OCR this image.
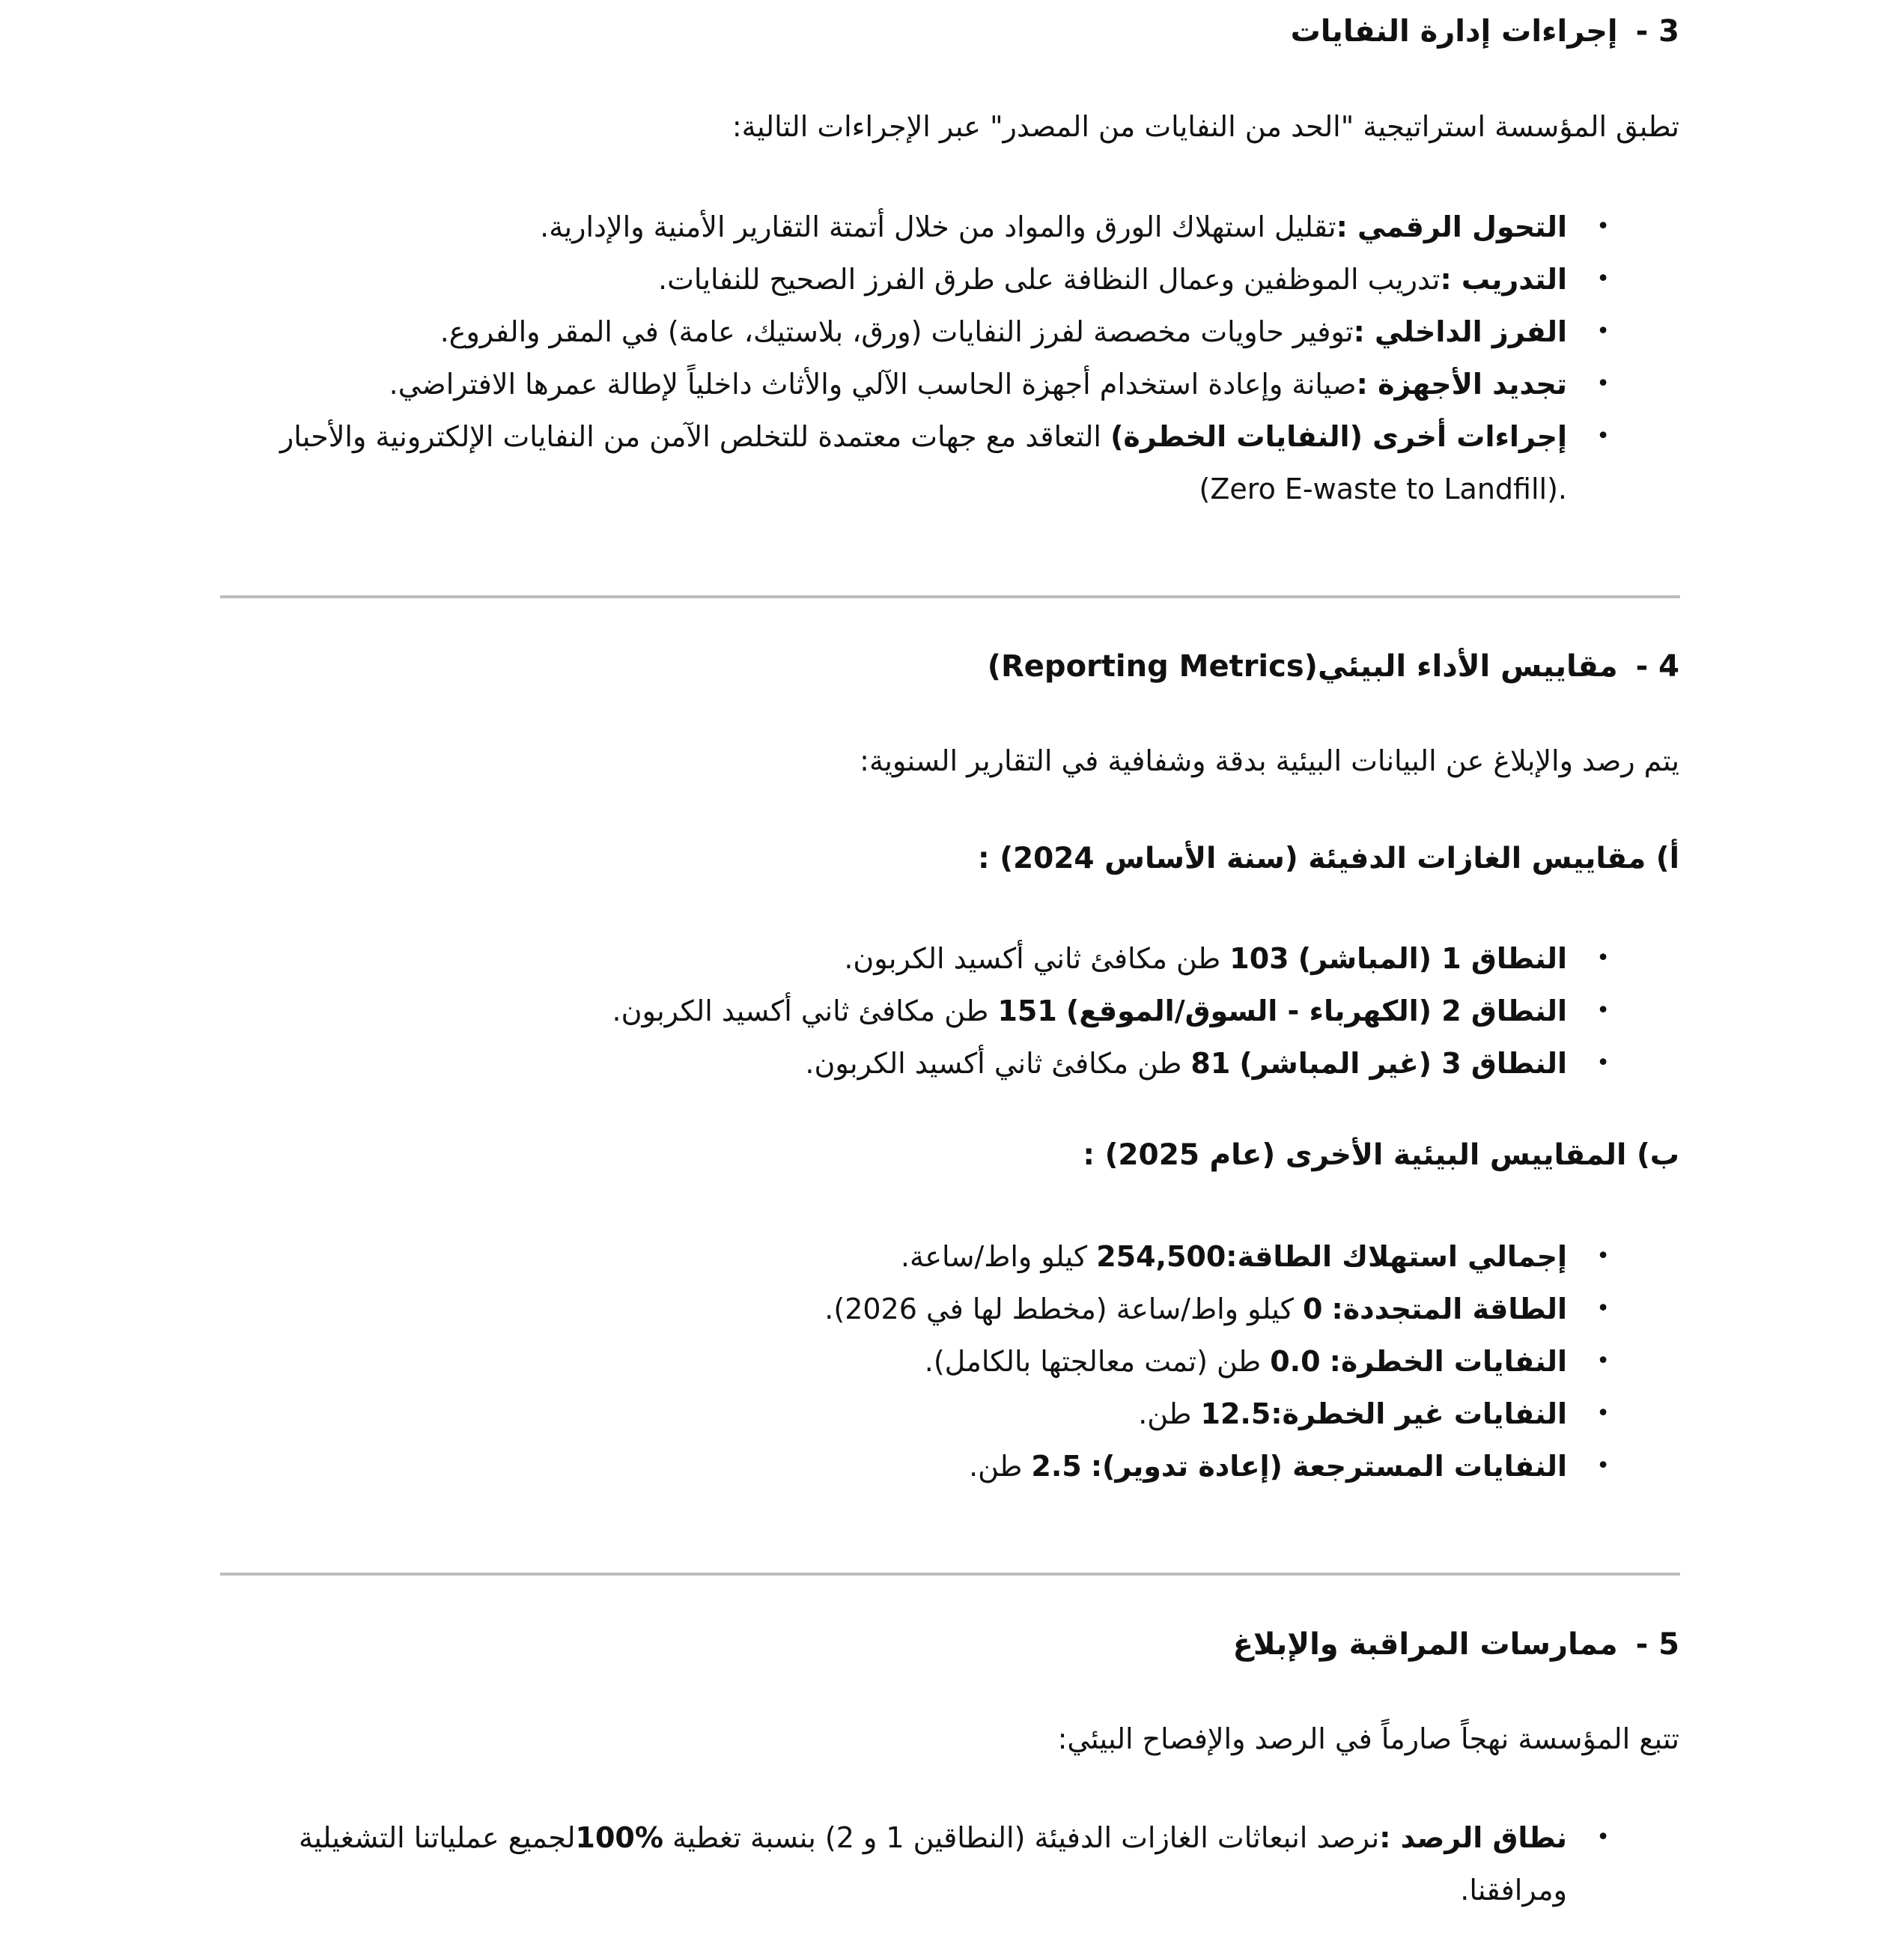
3 -إجراءات إدارة النفايات

تطبق المؤسسة استراتيجية "الحد من النفايات من المصدر" عبر الإجراءات التالية:

•
التحول الرقمي :تقليل استهلاك الورق والمواد من خلال أتمتة التقارير الأمنية والإدارية.
•
التدريب :تدريب الموظفين وعمال النظافة على طرق الفرز الصحيح للنفايات.
•
الفرز الداخلي :توفير حاويات مخصصة لفرز النفايات (ورق، بلاستيك، عامة) في المقر والفروع.
•
تجديد الأجهزة :صيانة وإعادة استخدام أجهزة الحاسب الآلي والأثاث داخلياً لإطالة عمرها الافتراضي.
•
إجراءات أخرى (النفايات الخطرة) التعاقد مع جهات معتمدة للتخلص الآمن من النفايات الإلكترونية والأحبار (Zero E-waste to Landfill).
4 -مقاييس الأداء البيئي(Reporting Metrics)

يتم رصد والإبلاغ عن البيانات البيئية بدقة وشفافية في التقارير السنوية:

أ) مقاييس الغازات الدفيئة (سنة الأساس 2024) :
•
النطاق 1 (المباشر) 103 طن مكافئ ثاني أكسيد الكربون.
•
النطاق 2 (الكهرباء - السوق/الموقع) 151 طن مكافئ ثاني أكسيد الكربون.
•
النطاق 3 (غير المباشر) 81 طن مكافئ ثاني أكسيد الكربون.
ب) المقاييس البيئية الأخرى (عام 2025) :
•
إجمالي استهلاك الطاقة:254,500 كيلو واط/ساعة.
•
الطاقة المتجددة: 0 كيلو واط/ساعة (مخطط لها في 2026).
•
النفايات الخطرة: 0.0 طن (تمت معالجتها بالكامل).
•
النفايات غير الخطرة:12.5 طن.
•
النفايات المسترجعة (إعادة تدوير): 2.5 طن.
5 -ممارسات المراقبة والإبلاغ

تتبع المؤسسة نهجاً صارماً في الرصد والإفصاح البيئي:

•
نطاق الرصد :نرصد انبعاثات الغازات الدفيئة (النطاقين 1 و 2) بنسبة تغطية 100%لجميع عملياتنا التشغيلية ومرافقنا.
